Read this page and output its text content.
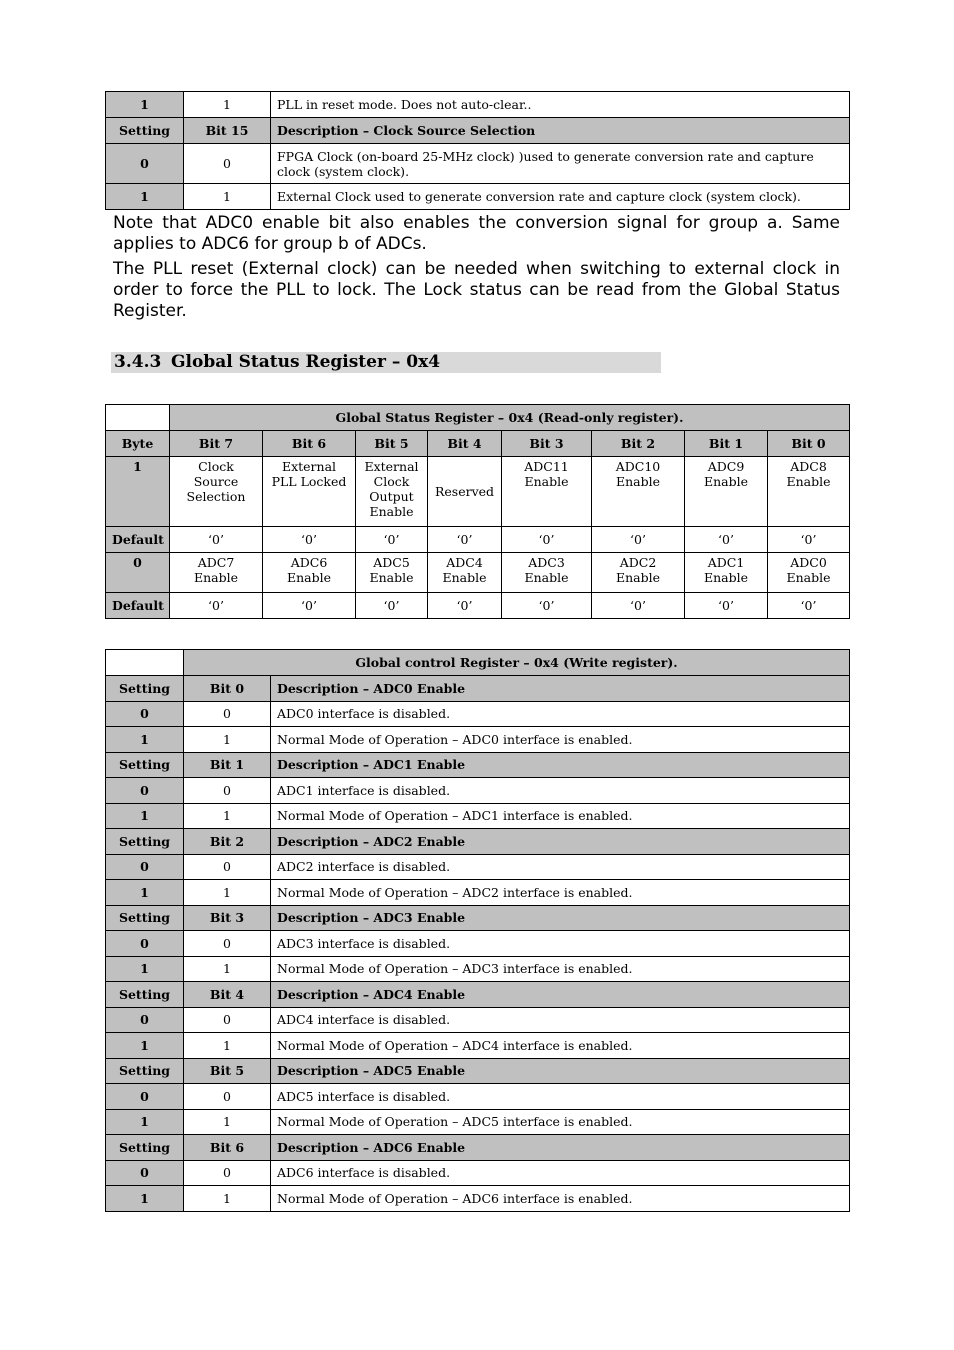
1	1	PLL in reset mode. Does not auto-clear..
Setting	Bit 15	Description – Clock Source Selection
0	0	FPGA Clock (on-board 25-MHz clock) )used to generate conversion rate and capture clock (system clock).
1	1	External Clock used to generate conversion rate and capture clock (system clock).

Note that ADC0 enable bit also enables the conversion signal for group a. Same applies to ADC6 for group b of ADCs.

The PLL reset (External clock) can be needed when switching to external clock in order to force the PLL to lock. The Lock status can be read from the Global Status Register.

3.4.3 Global Status Register – 0x4
	Global Status Register – 0x4 (Read-only register).							
Byte	Bit 7	Bit 6	Bit 5	Bit 4	Bit 3	Bit 2	Bit 1	Bit 0
1	Clock Source Selection	External PLL Locked	External Clock Output Enable	Reserved	ADC11 Enable	ADC10 Enable	ADC9 Enable	ADC8 Enable
Default	‘0’	‘0’	‘0’	‘0’	‘0’	‘0’	‘0’	‘0’
0	ADC7 Enable	ADC6 Enable	ADC5 Enable	ADC4 Enable	ADC3 Enable	ADC2 Enable	ADC1 Enable	ADC0 Enable
Default	‘0’	‘0’	‘0’	‘0’	‘0’	‘0’	‘0’	‘0’
	Global control Register – 0x4 (Write register).	
Setting	Bit 0	Description – ADC0 Enable
0	0	ADC0 interface is disabled.
1	1	Normal Mode of Operation – ADC0 interface is enabled.
Setting	Bit 1	Description – ADC1 Enable
0	0	ADC1 interface is disabled.
1	1	Normal Mode of Operation – ADC1 interface is enabled.
Setting	Bit 2	Description – ADC2 Enable
0	0	ADC2 interface is disabled.
1	1	Normal Mode of Operation – ADC2 interface is enabled.
Setting	Bit 3	Description – ADC3 Enable
0	0	ADC3 interface is disabled.
1	1	Normal Mode of Operation – ADC3 interface is enabled.
Setting	Bit 4	Description – ADC4 Enable
0	0	ADC4 interface is disabled.
1	1	Normal Mode of Operation – ADC4 interface is enabled.
Setting	Bit 5	Description – ADC5 Enable
0	0	ADC5 interface is disabled.
1	1	Normal Mode of Operation – ADC5 interface is enabled.
Setting	Bit 6	Description – ADC6 Enable
0	0	ADC6 interface is disabled.
1	1	Normal Mode of Operation – ADC6 interface is enabled.
